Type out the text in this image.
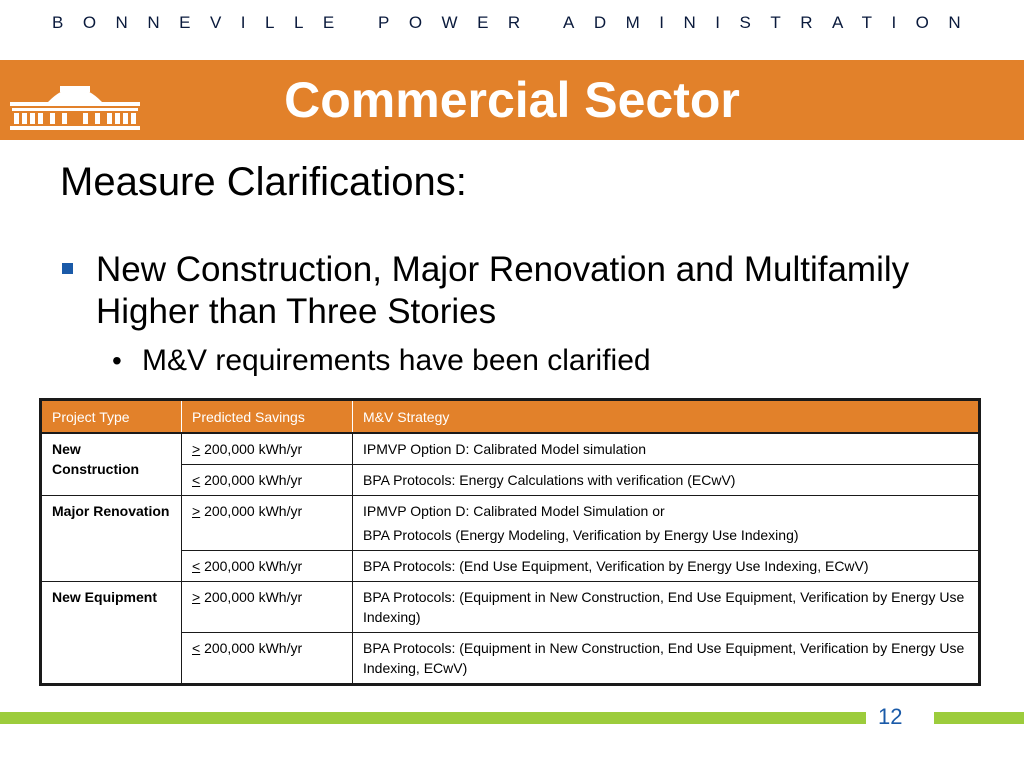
BONNEVILLE POWER ADMINISTRATION
Commercial Sector
Measure Clarifications:
New Construction, Major Renovation and Multifamily Higher than Three Stories
• M&V requirements have been clarified
Project Type	Predicted Savings	M&V Strategy
New Construction	> 200,000 kWh/yr	IPMVP Option D: Calibrated Model simulation
	< 200,000 kWh/yr	BPA Protocols: Energy Calculations with verification (ECwV)
Major Renovation	> 200,000 kWh/yr	IPMVP Option D: Calibrated Model Simulation or
BPA Protocols (Energy Modeling, Verification by Energy Use Indexing)

	< 200,000 kWh/yr	BPA Protocols: (End Use Equipment, Verification by Energy Use Indexing, ECwV)
New Equipment	> 200,000 kWh/yr	BPA Protocols: (Equipment in New Construction, End Use Equipment, Verification by Energy Use Indexing)
	< 200,000 kWh/yr	BPA Protocols: (Equipment in New Construction, End Use Equipment, Verification by Energy Use Indexing, ECwV)
12
